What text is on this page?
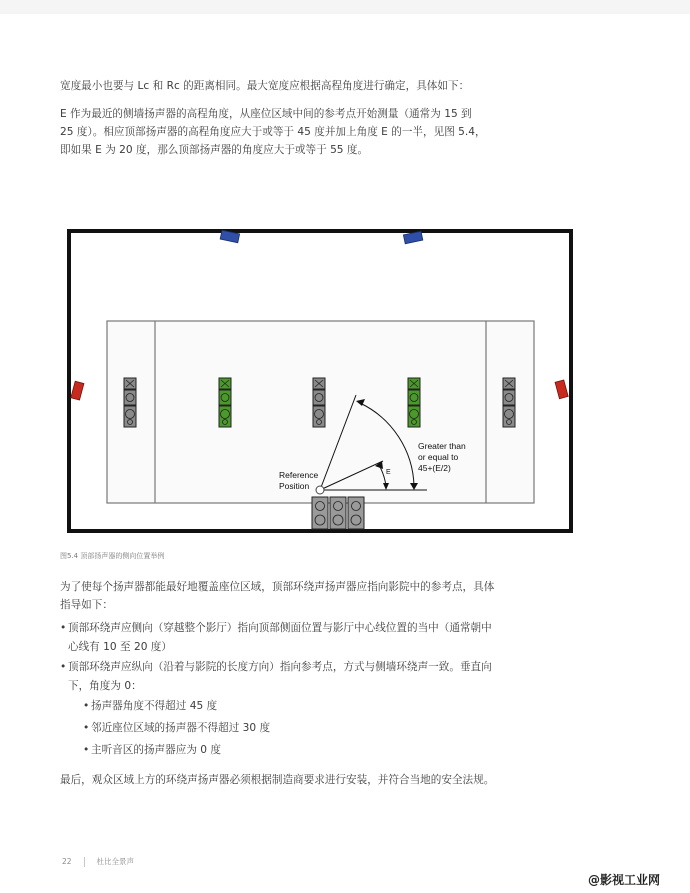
宽度最小也要与 Lc 和 Rc 的距离相同。最大宽度应根据高程角度进行确定，具体如下：

E 作为最近的侧墙扬声器的高程角度，从座位区域中间的参考点开始测量（通常为 15 到
25 度）。相应顶部扬声器的高程角度应大于或等于 45 度并加上角度 E 的一半，见图 5.4，
即如果 E 为 20 度，那么顶部扬声器的角度应大于或等于 55 度。

Reference
Position
E
Greater than
or equal to
45+(E/2)
图5.4 顶部扬声器的侧向位置举例

为了使每个扬声器都能最好地覆盖座位区域，顶部环绕声扬声器应指向影院中的参考点，具体
指导如下：

• 顶部环绕声应侧向（穿越整个影厅）指向顶部侧面位置与影厅中心线位置的当中（通常朝中
心线有 10 至 20 度）
• 顶部环绕声应纵向（沿着与影院的长度方向）指向参考点，方式与侧墙环绕声一致。垂直向
下，角度为 0：
• 扬声器角度不得超过 45 度
• 邻近座位区域的扬声器不得超过 30 度
• 主听音区的扬声器应为 0 度

最后，观众区域上方的环绕声扬声器必须根据制造商要求进行安装，并符合当地的安全法规。

22	杜比全景声
@影视工业网
